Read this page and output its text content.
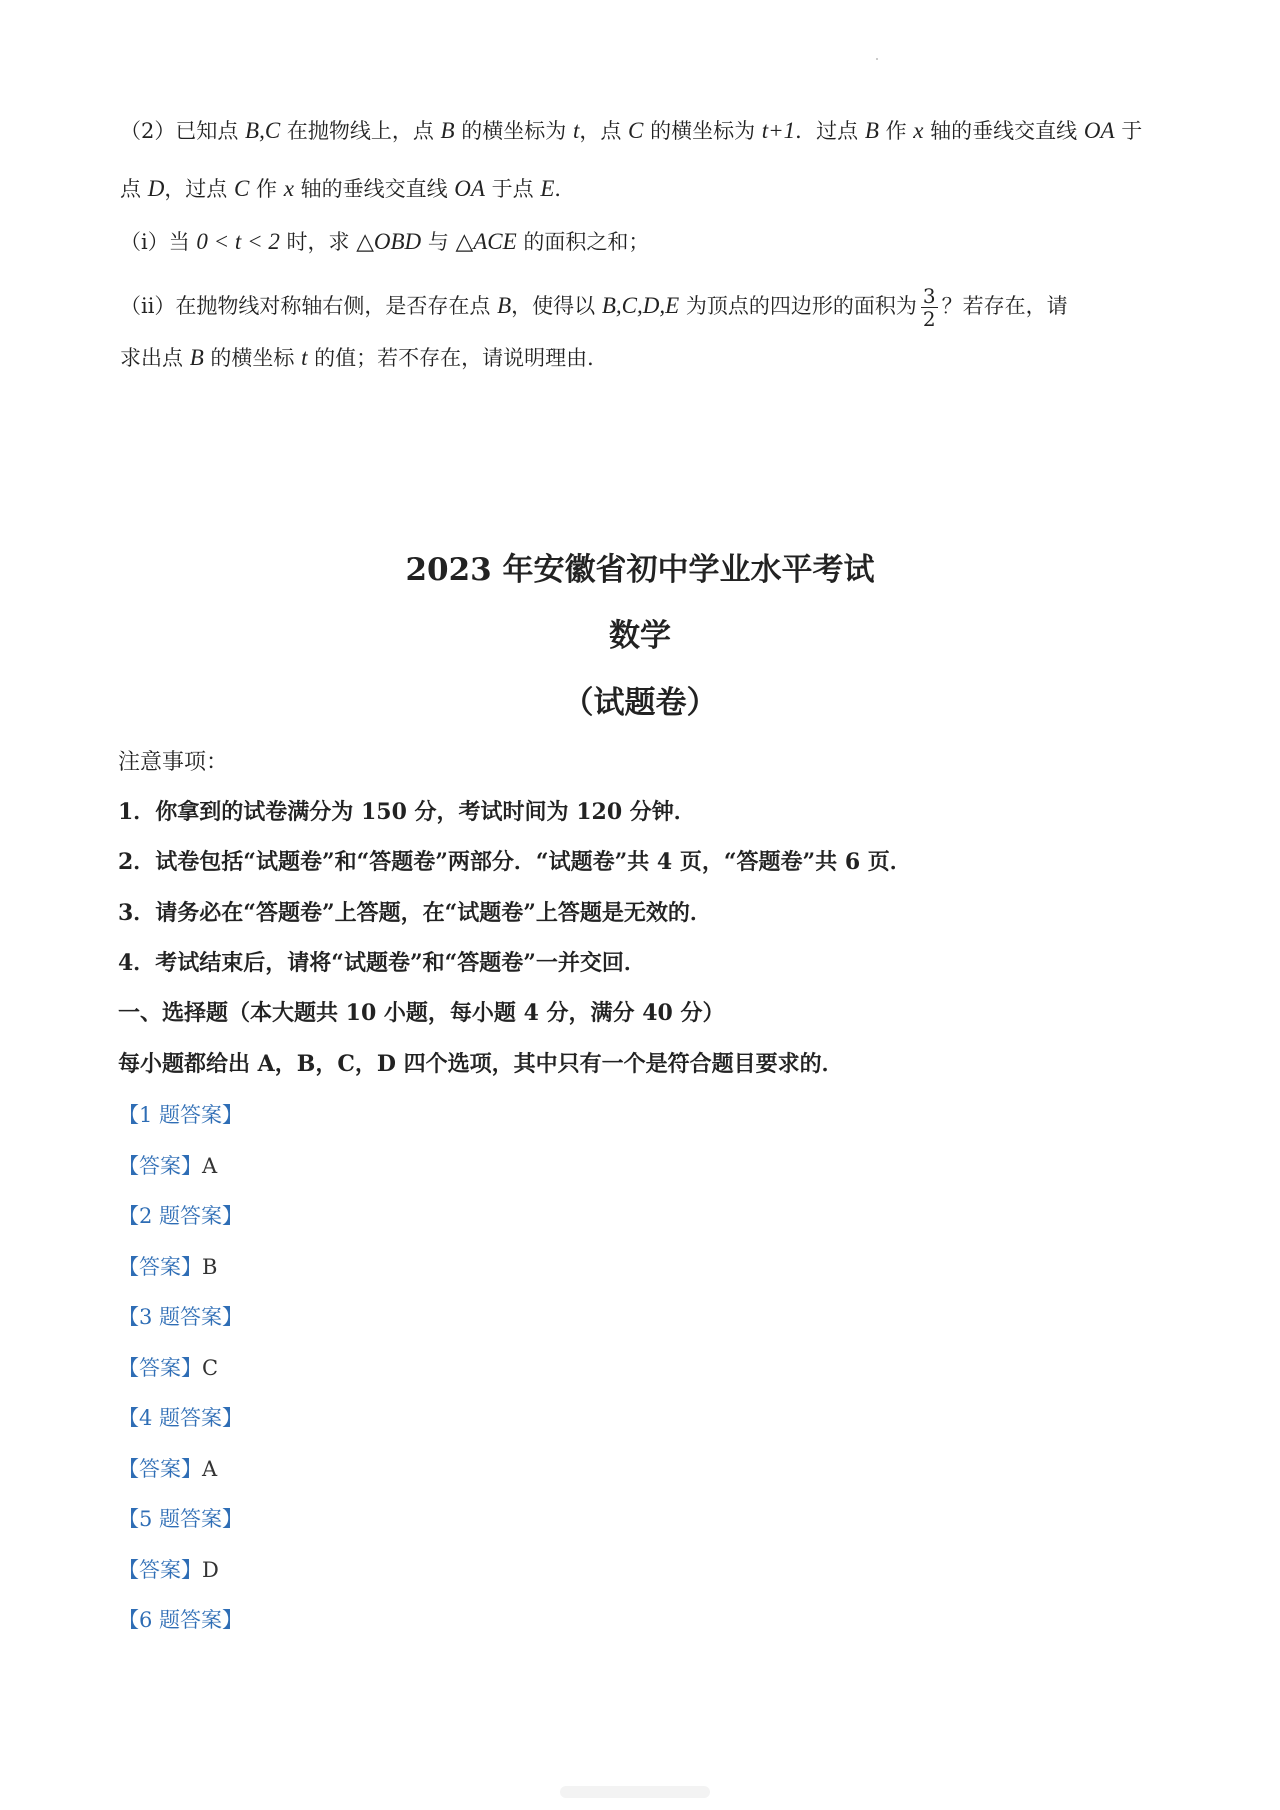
（2）已知点 B,C 在抛物线上，点 B 的横坐标为 t，点 C 的横坐标为 t+1．过点 B 作 x 轴的垂线交直线 OA 于
点 D，过点 C 作 x 轴的垂线交直线 OA 于点 E．
（ⅰ）当 0 < t < 2 时，求 △OBD 与 △ACE 的面积之和；
（ⅱ）在抛物线对称轴右侧，是否存在点 B，使得以 B,C,D,E 为顶点的四边形的面积为 $\frac{3}{2}$ ？若存在，请
求出点 B 的横坐标 t 的值；若不存在，请说明理由．
2023 年安徽省初中学业水平考试
数学
（试题卷）
注意事项：
1．你拿到的试卷满分为 150 分，考试时间为 120 分钟．
2．试卷包括“试题卷”和“答题卷”两部分．“试题卷”共 4 页，“答题卷”共 6 页．
3．请务必在“答题卷”上答题，在“试题卷”上答题是无效的．
4．考试结束后，请将“试题卷”和“答题卷”一并交回．
一、选择题（本大题共 10 小题，每小题 4 分，满分 40 分）
每小题都给出 A，B，C，D 四个选项，其中只有一个是符合题目要求的．
【1 题答案】
【答案】A
【2 题答案】
【答案】B
【3 题答案】
【答案】C
【4 题答案】
【答案】A
【5 题答案】
【答案】D
【6 题答案】
